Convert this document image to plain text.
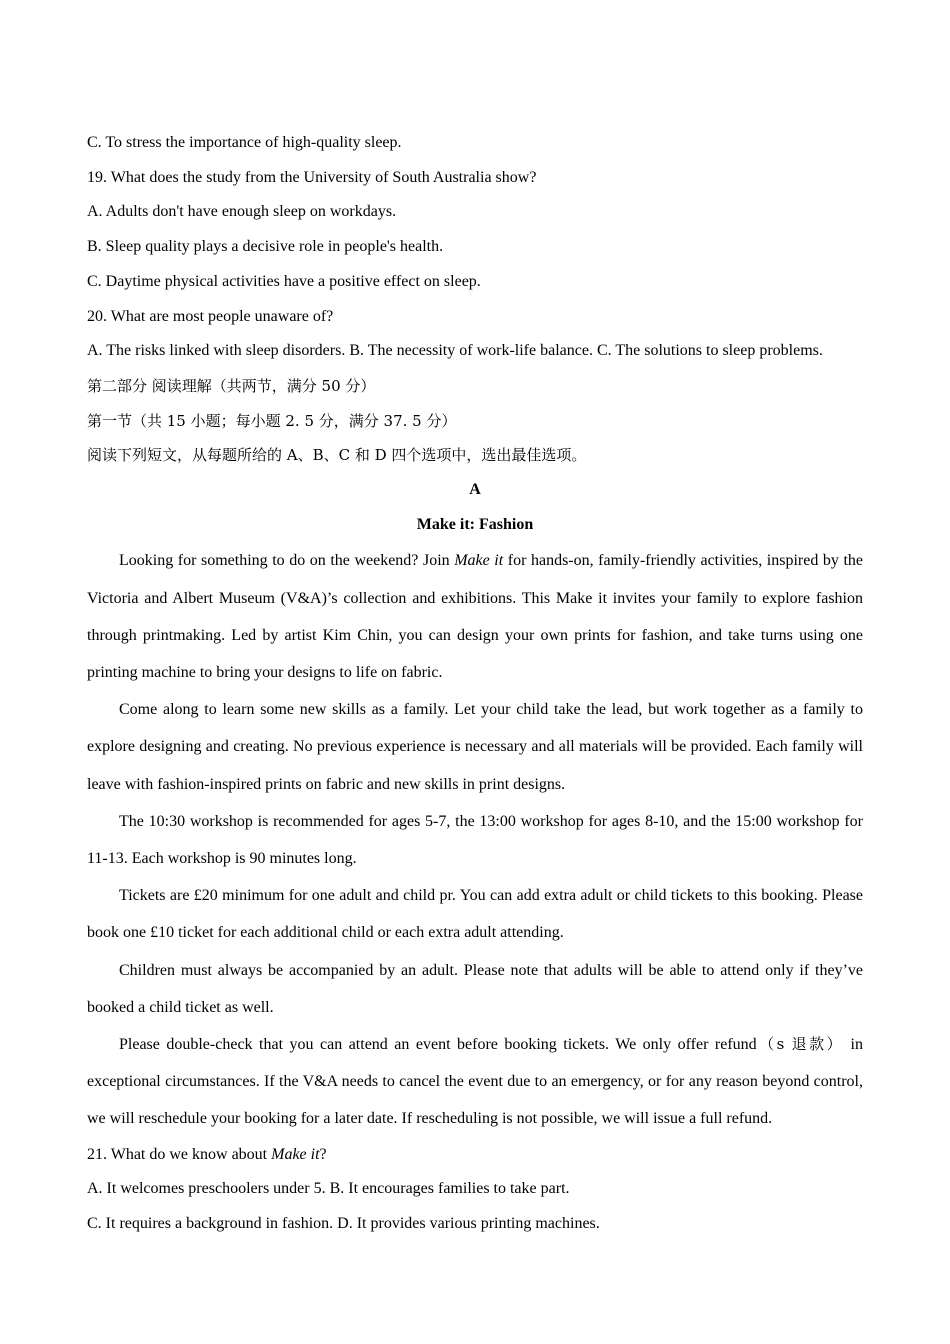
C. To stress the importance of high-quality sleep.
19. What does the study from the University of South Australia show?
A. Adults don't have enough sleep on workdays.
B. Sleep quality plays a decisive role in people's health.
C. Daytime physical activities have a positive effect on sleep.
20. What are most people unaware of?
A. The risks linked with sleep disorders. B. The necessity of work-life balance. C. The solutions to sleep problems.
第二部分 阅读理解（共两节，满分 50 分）
第一节（共 15 小题；每小题 2. 5 分，满分 37. 5 分）
阅读下列短文，从每题所给的 A、B、C 和 D 四个选项中，选出最佳选项。
A
Make it: Fashion

Looking for something to do on the weekend? Join Make it for hands-on, family-friendly activities, inspired by the Victoria and Albert Museum (V&A)’s collection and exhibitions. This Make it invites your family to explore fashion through printmaking. Led by artist Kim Chin, you can design your own prints for fashion, and take turns using one printing machine to bring your designs to life on fabric.

Come along to learn some new skills as a family. Let your child take the lead, but work together as a family to explore designing and creating. No previous experience is necessary and all materials will be provided. Each family will leave with fashion-inspired prints on fabric and new skills in print designs.

The 10:30 workshop is recommended for ages 5-7, the 13:00 workshop for ages 8-10, and the 15:00 workshop for 11-13. Each workshop is 90 minutes long.

Tickets are £20 minimum for one adult and child pr. You can add extra adult or child tickets to this booking. Please book one £10 ticket for each additional child or each extra adult attending.

Children must always be accompanied by an adult. Please note that adults will be able to attend only if they’ve booked a child ticket as well.

Please double-check that you can attend an event before booking tickets. We only offer refund（s 退款） in exceptional circumstances. If the V&A needs to cancel the event due to an emergency, or for any reason beyond control, we will reschedule your booking for a later date. If rescheduling is not possible, we will issue a full refund.

21. What do we know about Make it?
A. It welcomes preschoolers under 5. B. It encourages families to take part.
C. It requires a background in fashion. D. It provides various printing machines.
